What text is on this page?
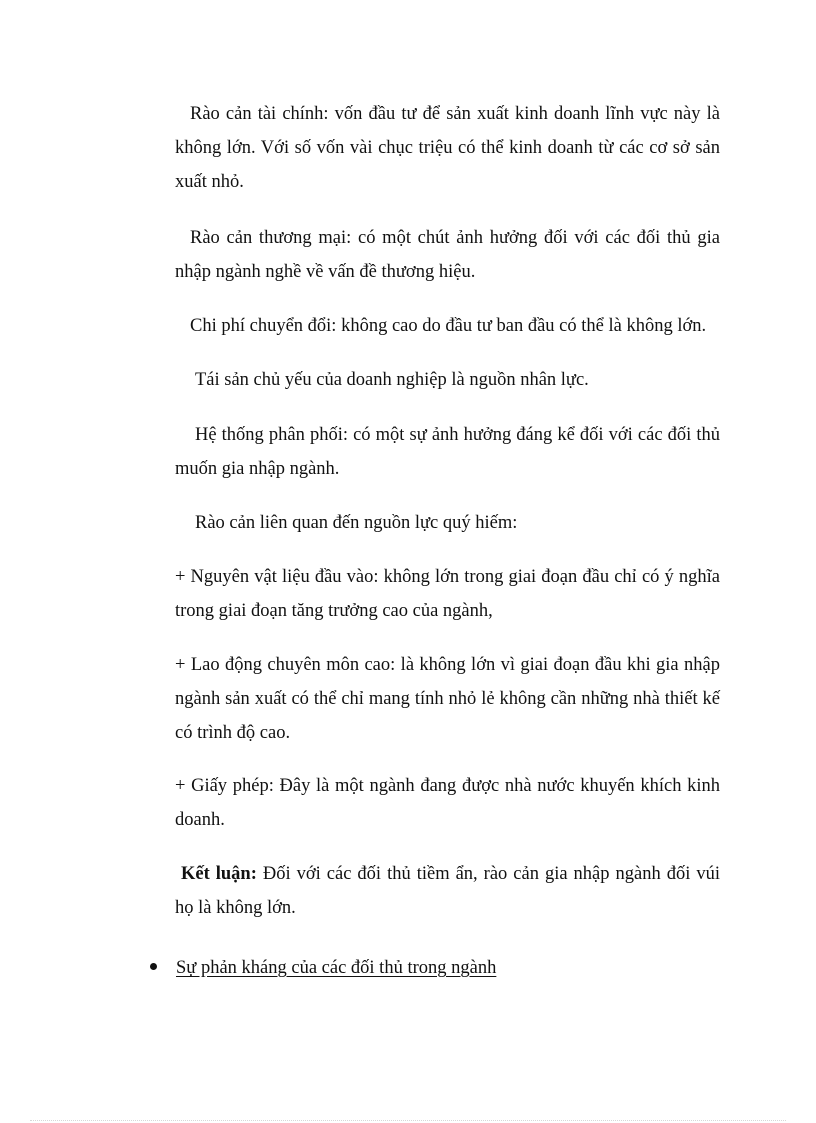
Rào cản tài chính: vốn đầu tư để sản xuất kinh doanh lĩnh vực này là không lớn. Với số vốn vài chục triệu có thể kinh doanh từ các cơ sở sản xuất nhỏ.

Rào cản thương mại: có một chút ảnh hưởng đối với các đối thủ gia nhập ngành nghề về vấn đề thương hiệu.

Chi phí chuyển đổi: không cao do đầu tư ban đầu có thể là không lớn.

Tái sản chủ yếu của doanh nghiệp là nguồn nhân lực.

Hệ thống phân phối: có một sự ảnh hưởng đáng kể đối với các đối thủ muốn gia nhập ngành.

Rào cản liên quan đến nguồn lực quý hiếm:

+ Nguyên vật liệu đầu vào: không lớn trong giai đoạn đầu chỉ có ý nghĩa trong giai đoạn tăng trưởng cao của ngành,

+ Lao động chuyên môn cao: là không lớn vì giai đoạn đầu khi gia nhập ngành sản xuất có thể chỉ mang tính nhỏ lẻ không cần những nhà thiết kế có trình độ cao.

+ Giấy phép: Đây là một ngành đang được nhà nước khuyến khích kinh doanh.

Kết luận: Đối với các đối thủ tiềm ẩn, rào cản gia nhập ngành đối vúi họ là không lớn.

Sự phản kháng của các đối thủ trong ngành
